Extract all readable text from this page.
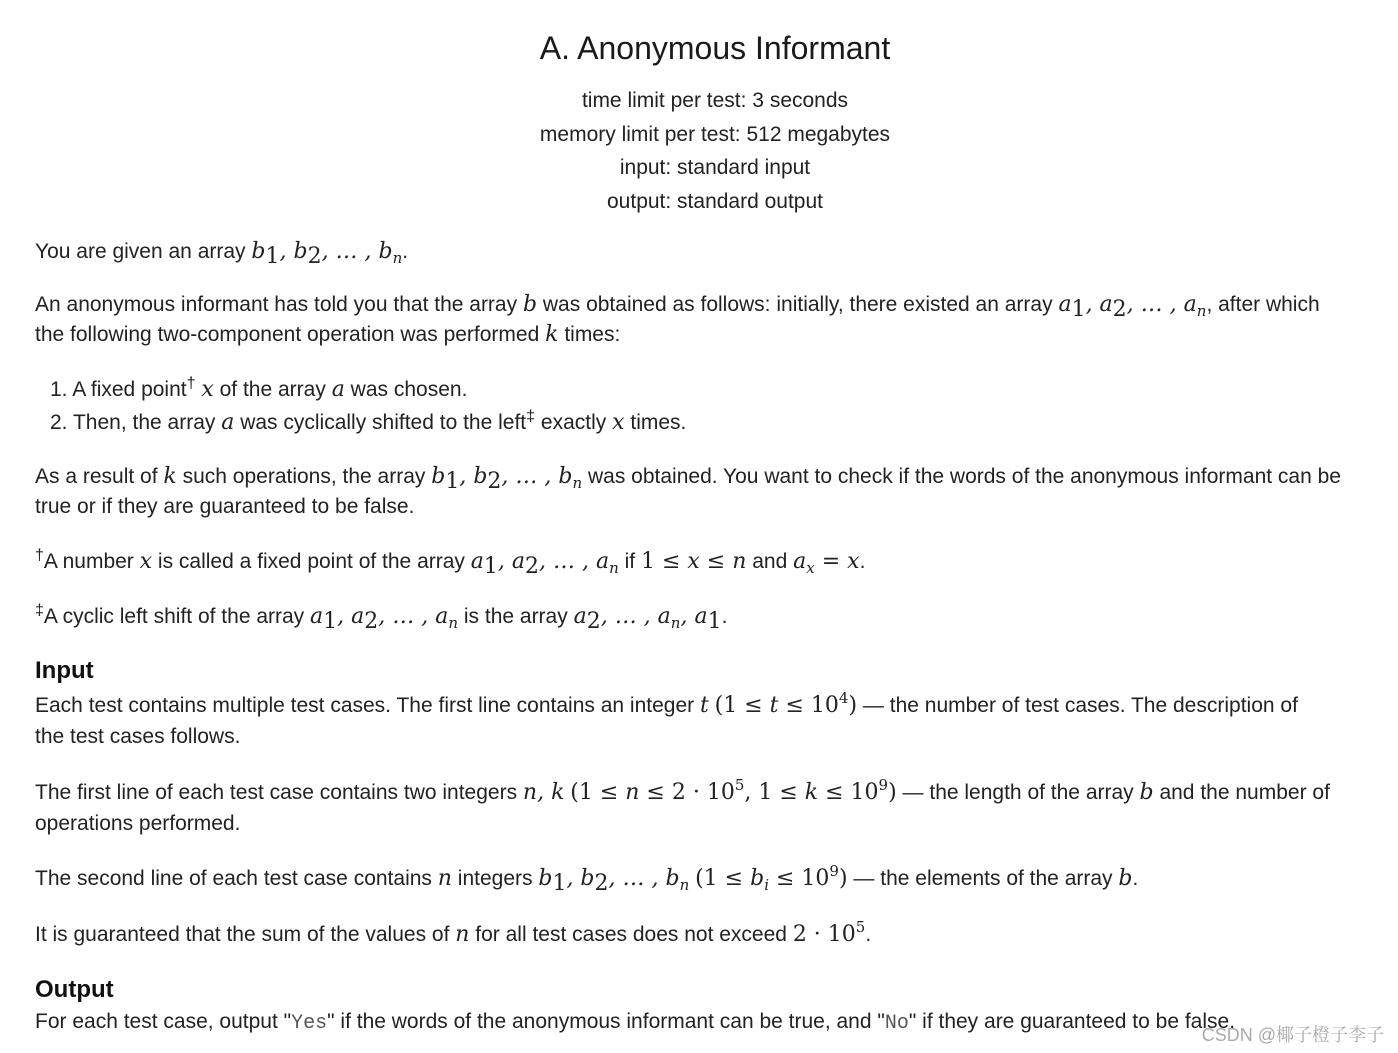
A. Anonymous Informant
time limit per test: 3 seconds
memory limit per test: 512 megabytes
input: standard input
output: standard output
You are given an array $b_1$, $b_2$, … , $b_n$.
An anonymous informant has told you that the array b was obtained as follows: initially, there existed an array $a_1$, $a_2$, … , $a_n$, after which
the following two-component operation was performed k times:
1. A fixed point† x of the array a was chosen.
2. Then, the array a was cyclically shifted to the left‡ exactly x times.
As a result of k such operations, the array $b_1$, $b_2$, … , $b_n$ was obtained. You want to check if the words of the anonymous informant can be
true or if they are guaranteed to be false.
†A number x is called a fixed point of the array $a_1$, $a_2$, … , $a_n$ if 1 ≤ x ≤ n and $a_x = x$.
‡A cyclic left shift of the array $a_1$, $a_2$, … , $a_n$ is the array $a_2$, … , $a_n$, $a_1$.
Input
Each test contains multiple test cases. The first line contains an integer t $(1 \le t \le 10^4)$ — the number of test cases. The description of
the test cases follows.
The first line of each test case contains two integers n, k ($1 \le n \le 2 \cdot 10^5$, $1 \le k \le 10^9$) — the length of the array b and the number of
operations performed.
The second line of each test case contains n integers $b_1$, $b_2$, … , $b_n$ $(1 \le b_i \le 10^9)$ — the elements of the array b.
It is guaranteed that the sum of the values of n for all test cases does not exceed $2 \cdot 10^5$.
Output
For each test case, output "Yes" if the words of the anonymous informant can be true, and "No" if they are guaranteed to be false.
CSDN @椰子橙子李子
